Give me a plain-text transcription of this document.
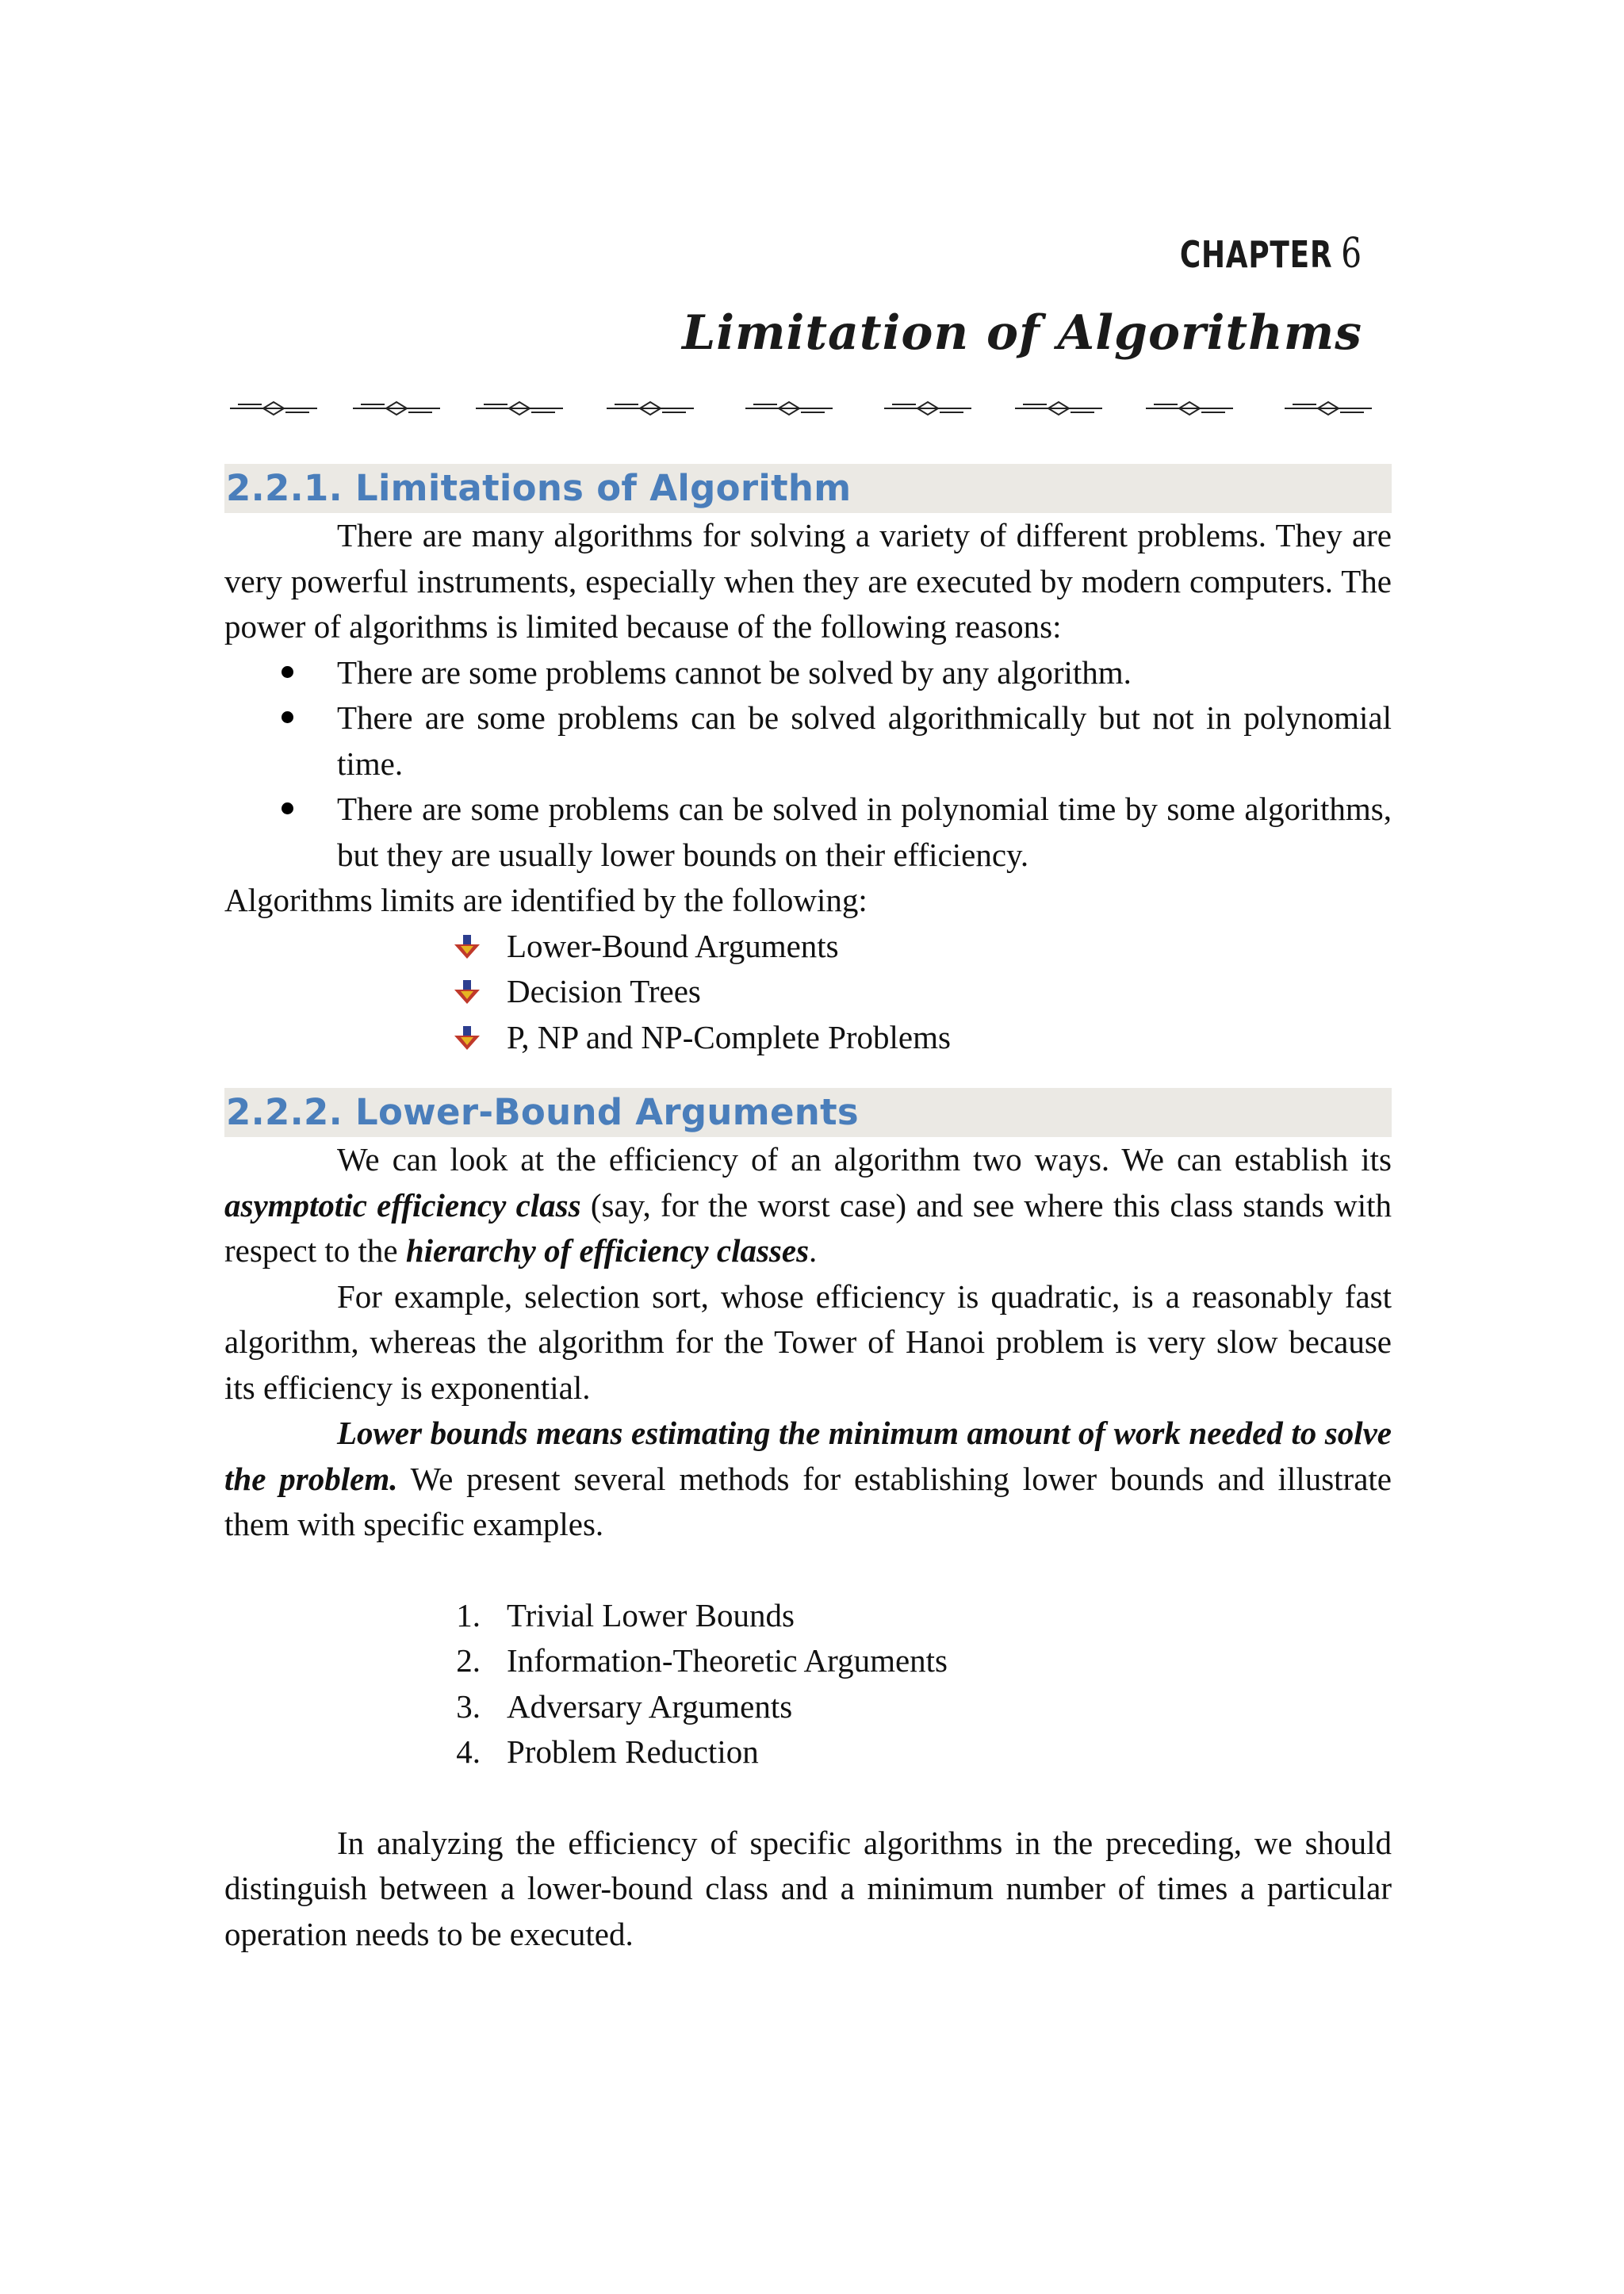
CHAPTER 6
Limitation of Algorithms
2.2.1. Limitations of Algorithm

There are many algorithms for solving a variety of different problems. They are very powerful instruments, especially when they are executed by modern computers. The power of algorithms is limited because of the following reasons:

There are some problems cannot be solved by any algorithm.
There are some problems can be solved algorithmically but not in polynomial time.
There are some problems can be solved in polynomial time by some algorithms, but they are usually lower bounds on their efficiency.

Algorithms limits are identified by the following:

Lower-Bound Arguments
Decision Trees
P, NP and NP-Complete Problems
2.2.2. Lower-Bound Arguments

We can look at the efficiency of an algorithm two ways. We can establish its asymptotic efficiency class (say, for the worst case) and see where this class stands with respect to the hierarchy of efficiency classes.

For example, selection sort, whose efficiency is quadratic, is a reasonably fast algorithm, whereas the algorithm for the Tower of Hanoi problem is very slow because its efficiency is exponential.

Lower bounds means estimating the minimum amount of work needed to solve the problem. We present several methods for establishing lower bounds and illustrate them with specific examples.

1. Trivial Lower Bounds
2. Information-Theoretic Arguments
3. Adversary Arguments
4. Problem Reduction

In analyzing the efficiency of specific algorithms in the preceding, we should distinguish between a lower-bound class and a minimum number of times a particular operation needs to be executed.
